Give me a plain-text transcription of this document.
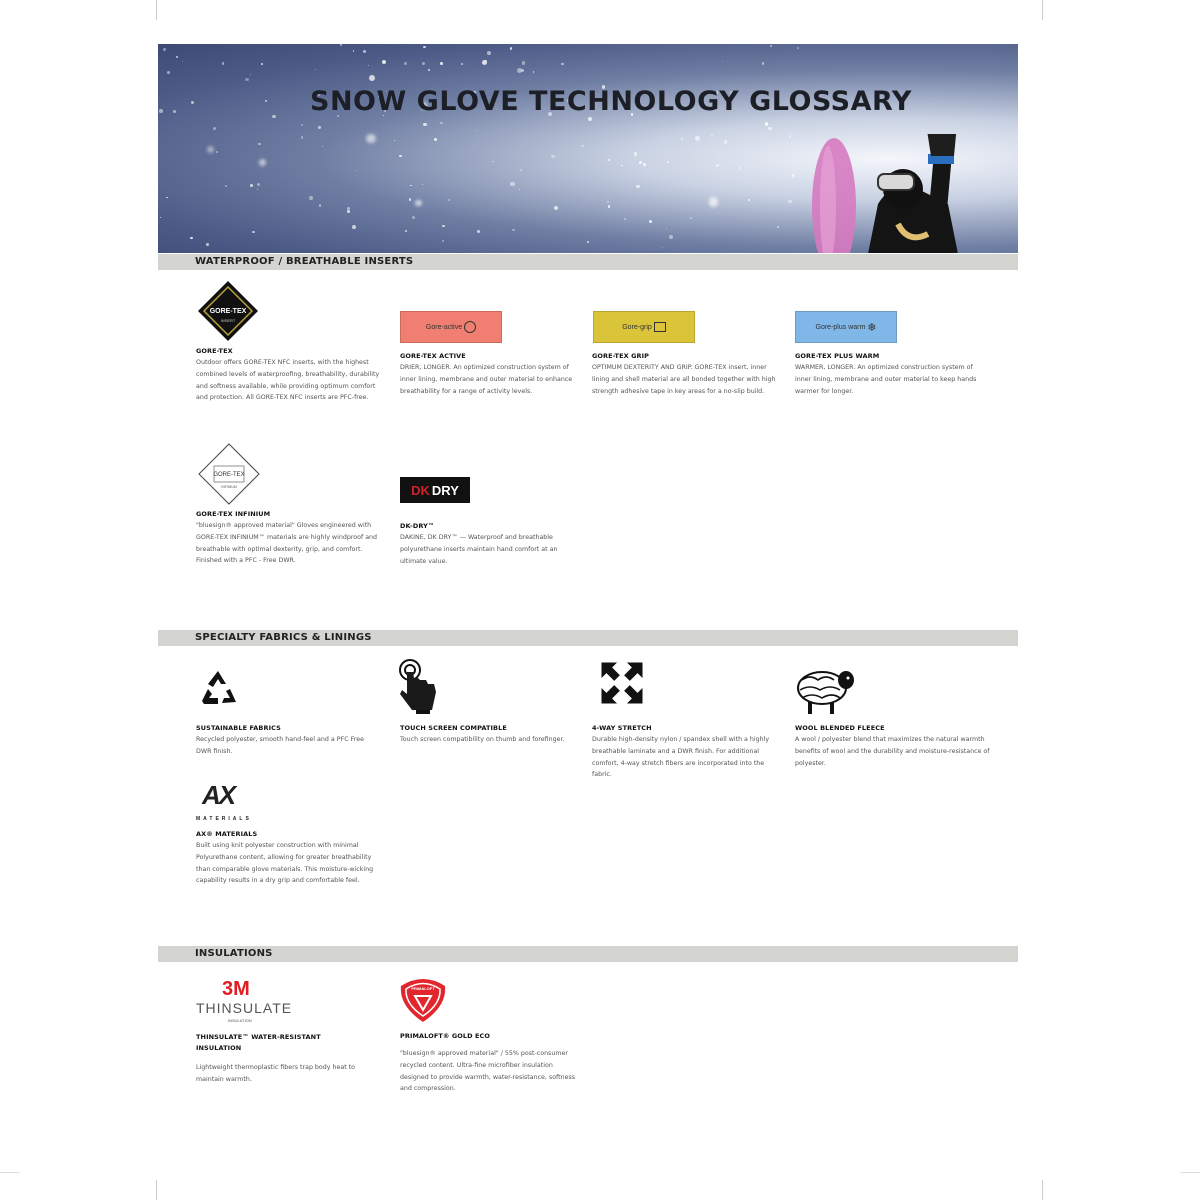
SNOW GLOVE TECHNOLOGY GLOSSARY
WATERPROOF / BREATHABLE INSERTS
GORE-TEX
INSERT
Gore-active
	Gore-grip
	Gore-plus warm
❄
GORE-TEX
Outdoor offers GORE-TEX NFC inserts, with the highest combined levels of waterproofing, breathability, durability and softness available, while providing optimum comfort and protection. All GORE-TEX NFC inserts are PFC-free.
GORE-TEX ACTIVE
DRIER, LONGER. An optimized construction system of inner lining, membrane and outer material to enhance breathability for a range of activity levels.
GORE-TEX GRIP
OPTIMUM DEXTERITY AND GRIP. GORE-TEX insert, inner lining and shell material are all bonded together with high strength adhesive tape in key areas for a no-slip build.
GORE-TEX PLUS WARM
WARMER, LONGER. An optimized construction system of inner lining, membrane and outer material to keep hands warmer for longer.
GORE-TEX
INFINIUM	DK DRY
GORE-TEX INFINIUM
"bluesign® approved material" Gloves engineered with GORE-TEX INFINIUM™ materials are highly windproof and breathable with optimal dexterity, grip, and comfort. Finished with a PFC - Free DWR.
DK-DRY™
DAKINE, DK DRY™ — Waterproof and breathable polyurethane inserts maintain hand comfort at an ultimate value.
SPECIALTY FABRICS & LININGS
SUSTAINABLE FABRICS
Recycled polyester, smooth hand-feel and a PFC Free DWR finish.
TOUCH SCREEN COMPATIBLE
Touch screen compatibility on thumb and forefinger.
4-WAY STRETCH
Durable high-density nylon / spandex shell with a highly breathable laminate and a DWR finish. For additional comfort, 4-way stretch fibers are incorporated into the fabric.
WOOL BLENDED FLEECE
A wool / polyester blend that maximizes the natural warmth benefits of wool and the durability and moisture-resistance of polyester.
AX
MATERIALS
AX® MATERIALS
Built using knit polyester construction with minimal Polyurethane content, allowing for greater breathability than comparable glove materials. This moisture-wicking capability results in a dry grip and comfortable feel.
INSULATIONS
3M
THINSULATE
INSULATION
PRIMALOFT
THINSULATE™ WATER-RESISTANT INSULATION
Lightweight thermoplastic fibers trap body heat to maintain warmth.
PRIMALOFT® GOLD ECO
"bluesign® approved material" / 55% post-consumer recycled content. Ultra-fine microfiber insulation designed to provide warmth, water-resistance, softness and compression.
